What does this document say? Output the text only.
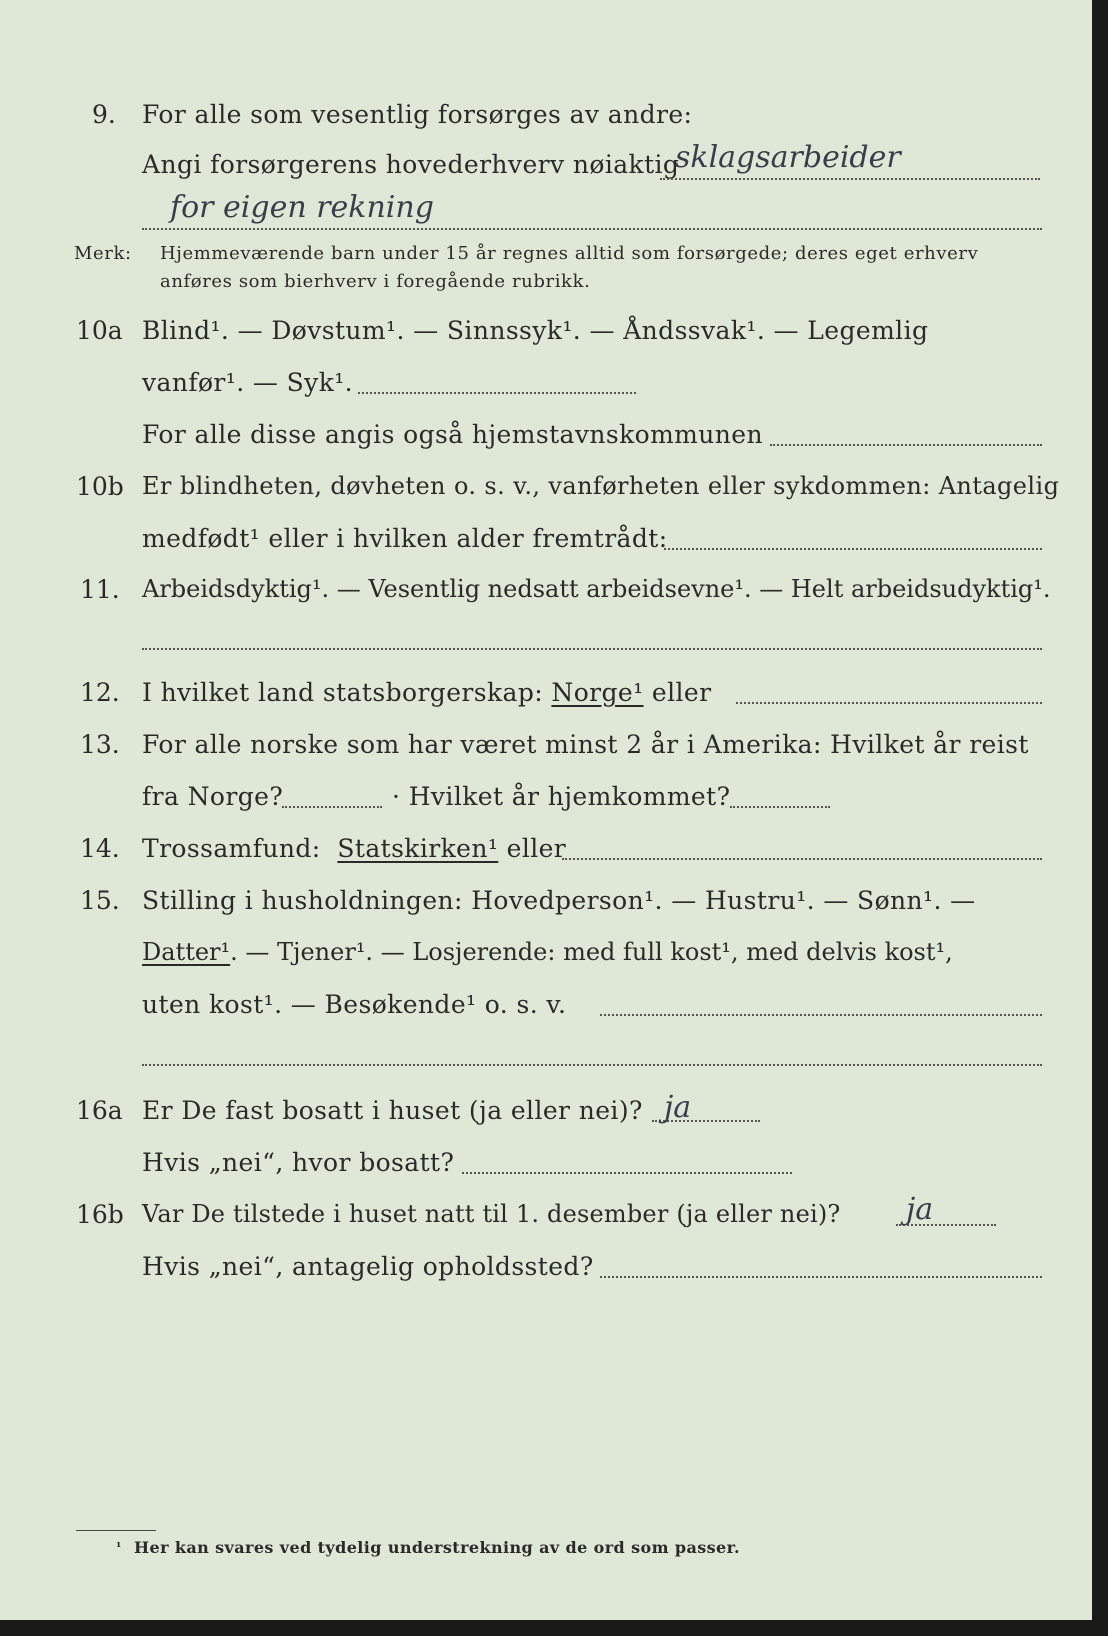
9. For alle som vesentlig forsørges av andre:
Angi forsørgerens hovederhverv nøiaktig
sklagsarbeider
for eigen rekning
Merk: Hjemmeværende barn under 15 år regnes alltid som forsørgede; deres eget erhverv
anføres som bierhverv i foregående rubrikk.
10a Blind¹. — Døvstum¹. — Sinnssyk¹. — Åndssvak¹. — Legemlig
vanfør¹. — Syk¹.
For alle disse angis også hjemstavnskommunen
10b Er blindheten, døvheten o. s. v., vanførheten eller sykdommen: Antagelig
medfødt¹ eller i hvilken alder fremtrådt:
11. Arbeidsdyktig¹. — Vesentlig nedsatt arbeidsevne¹. — Helt arbeidsudyktig¹.
12. I hvilket land statsborgerskap: Norge¹ eller
13. For alle norske som har været minst 2 år i Amerika: Hvilket år reist
fra Norge?	· Hvilket år hjemkommet?
14. Trossamfund: Statskirken¹ eller
15. Stilling i husholdningen: Hovedperson¹. — Hustru¹. — Sønn¹. —
Datter¹. — Tjener¹. — Losjerende: med full kost¹, med delvis kost¹,
uten kost¹. — Besøkende¹ o. s. v.
16a Er De fast bosatt i huset (ja eller nei)? ja
Hvis „nei“, hvor bosatt?
16b Var De tilstede i huset natt til 1. desember (ja eller nei)? ja
Hvis „nei“, antagelig opholdssted?
¹ Her kan svares ved tydelig understrekning av de ord som passer.
